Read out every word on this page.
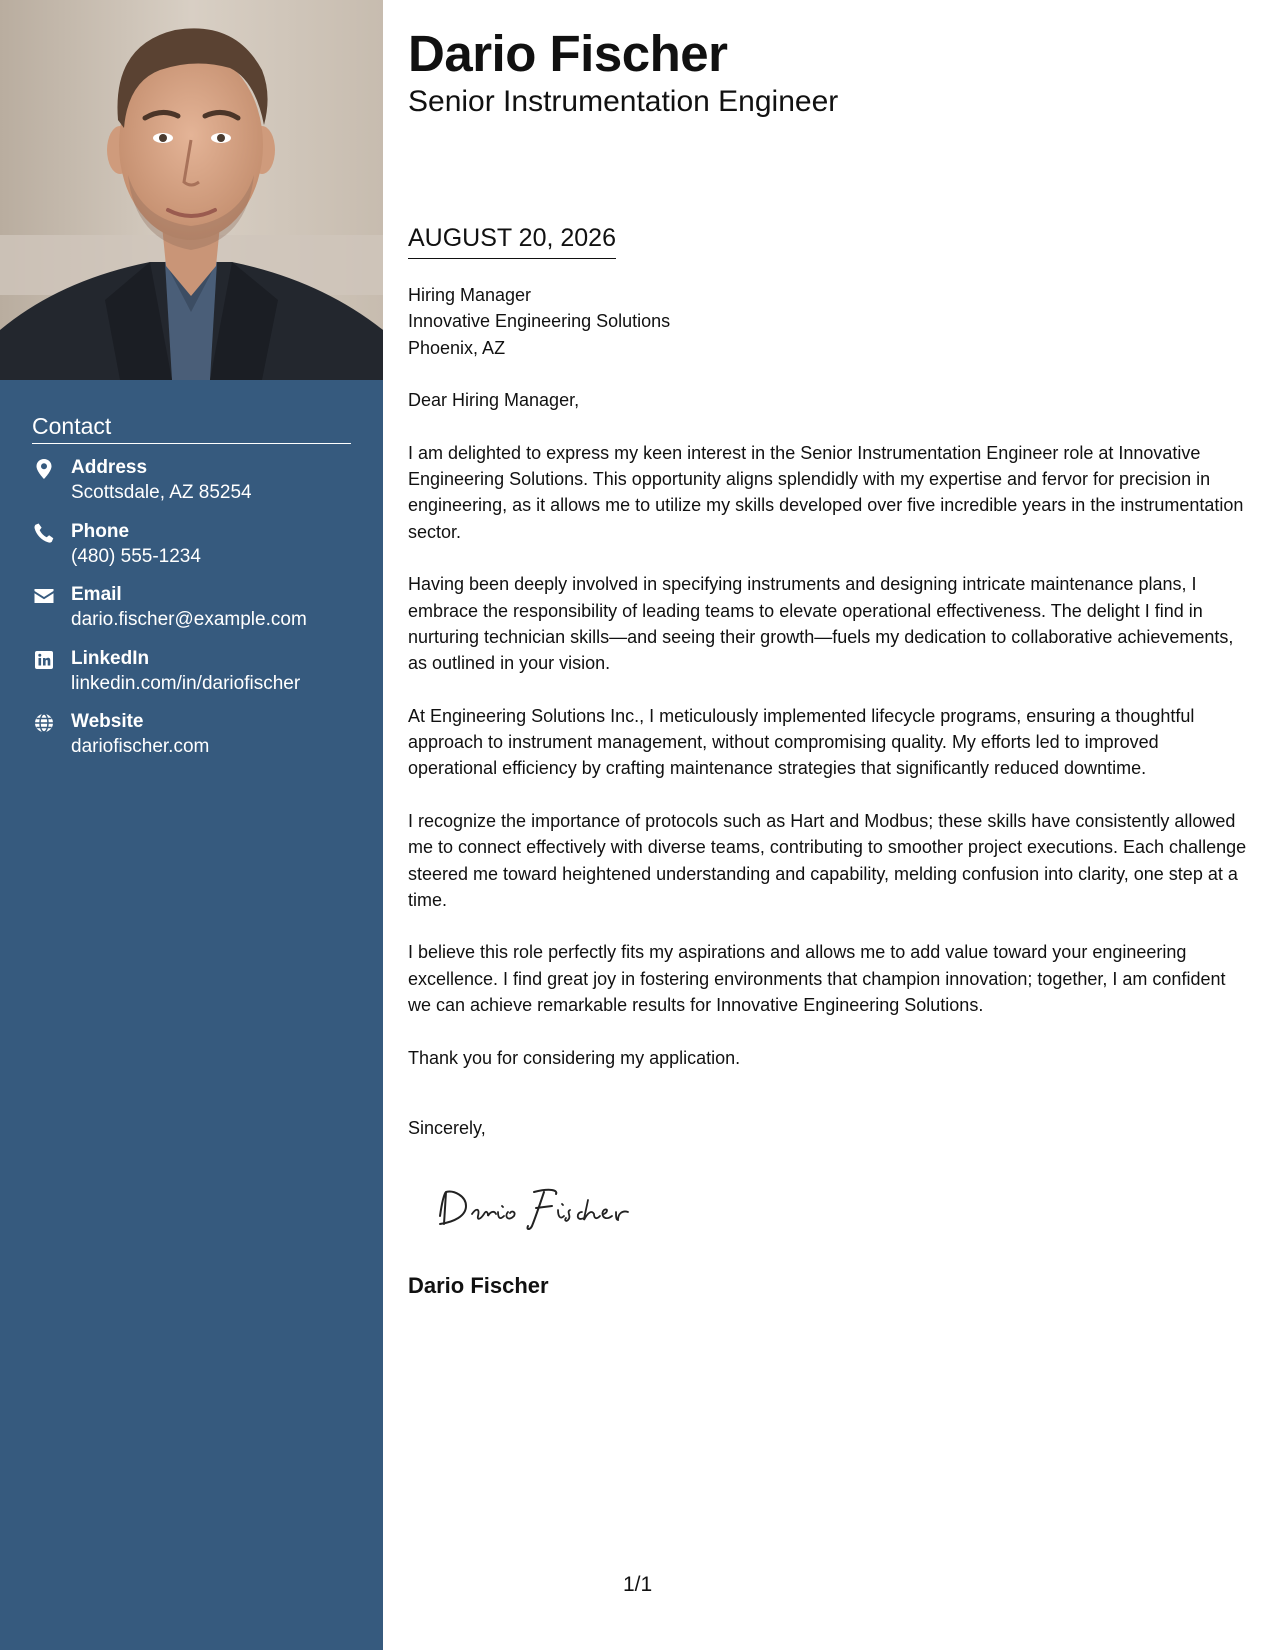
Contact
Address
Scottsdale, AZ 85254
Phone
(480) 555-1234
Email
dario.fischer@example.com
LinkedIn
linkedin.com/in/dariofischer
Website
dariofischer.com
Dario Fischer
Senior Instrumentation Engineer
AUGUST 20, 2026

Hiring Manager
Innovative Engineering Solutions
Phoenix, AZ

Dear Hiring Manager,

I am delighted to express my keen interest in the Senior Instrumentation Engineer role at Innovative Engineering Solutions. This opportunity aligns splendidly with my expertise and fervor for precision in engineering, as it allows me to utilize my skills developed over five incredible years in the instrumentation sector.

Having been deeply involved in specifying instruments and designing intricate maintenance plans, I embrace the responsibility of leading teams to elevate operational effectiveness. The delight I find in nurturing technician skills—and seeing their growth—fuels my dedication to collaborative achievements, as outlined in your vision.

At Engineering Solutions Inc., I meticulously implemented lifecycle programs, ensuring a thoughtful approach to instrument management, without compromising quality. My efforts led to improved operational efficiency by crafting maintenance strategies that significantly reduced downtime.

I recognize the importance of protocols such as Hart and Modbus; these skills have consistently allowed me to connect effectively with diverse teams, contributing to smoother project executions. Each challenge steered me toward heightened understanding and capability, melding confusion into clarity, one step at a time.

I believe this role perfectly fits my aspirations and allows me to add value toward your engineering excellence. I find great joy in fostering environments that champion innovation; together, I am confident we can achieve remarkable results for Innovative Engineering Solutions.

Thank you for considering my application.

Sincerely,

Dario Fischer
1/1
